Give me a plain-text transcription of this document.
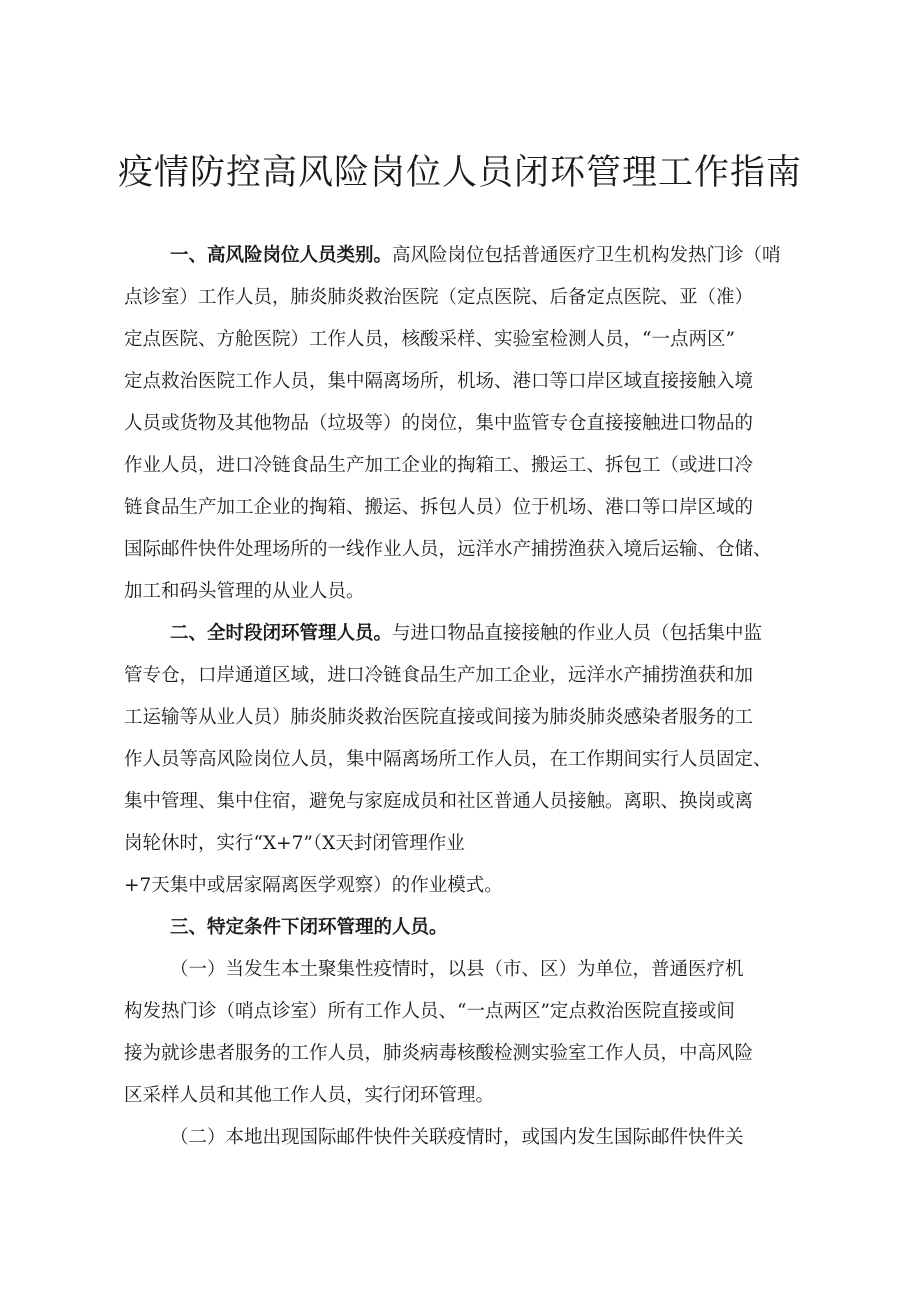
疫情防控高风险岗位人员闭环管理工作指南

一、高风险岗位人员类别。高风险岗位包括普通医疗卫生机构发热门诊（哨

点诊室）工作人员，肺炎肺炎救治医院（定点医院、后备定点医院、亚（准）

定点医院、方舱医院）工作人员，核酸采样、实验室检测人员，“一点两区”

定点救治医院工作人员，集中隔离场所，机场、港口等口岸区域直接接触入境

人员或货物及其他物品（垃圾等）的岗位，集中监管专仓直接接触进口物品的

作业人员，进口冷链食品生产加工企业的掏箱工、搬运工、拆包工（或进口冷

链食品生产加工企业的掏箱、搬运、拆包人员）位于机场、港口等口岸区域的

国际邮件快件处理场所的一线作业人员，远洋水产捕捞渔获入境后运输、仓储、

加工和码头管理的从业人员。

二、全时段闭环管理人员。与进口物品直接接触的作业人员（包括集中监

管专仓，口岸通道区域，进口冷链食品生产加工企业，远洋水产捕捞渔获和加

工运输等从业人员）肺炎肺炎救治医院直接或间接为肺炎肺炎感染者服务的工

作人员等高风险岗位人员，集中隔离场所工作人员，在工作期间实行人员固定、

集中管理、集中住宿，避免与家庭成员和社区普通人员接触。离职、换岗或离

岗轮休时，实行“X+7”（X天封闭管理作业

+7天集中或居家隔离医学观察）的作业模式。

三、特定条件下闭环管理的人员。

（一）当发生本土聚集性疫情时，以县（市、区）为单位，普通医疗机

构发热门诊（哨点诊室）所有工作人员、“一点两区”定点救治医院直接或间

接为就诊患者服务的工作人员，肺炎病毒核酸检测实验室工作人员，中高风险

区采样人员和其他工作人员，实行闭环管理。

（二）本地出现国际邮件快件关联疫情时，或国内发生国际邮件快件关
